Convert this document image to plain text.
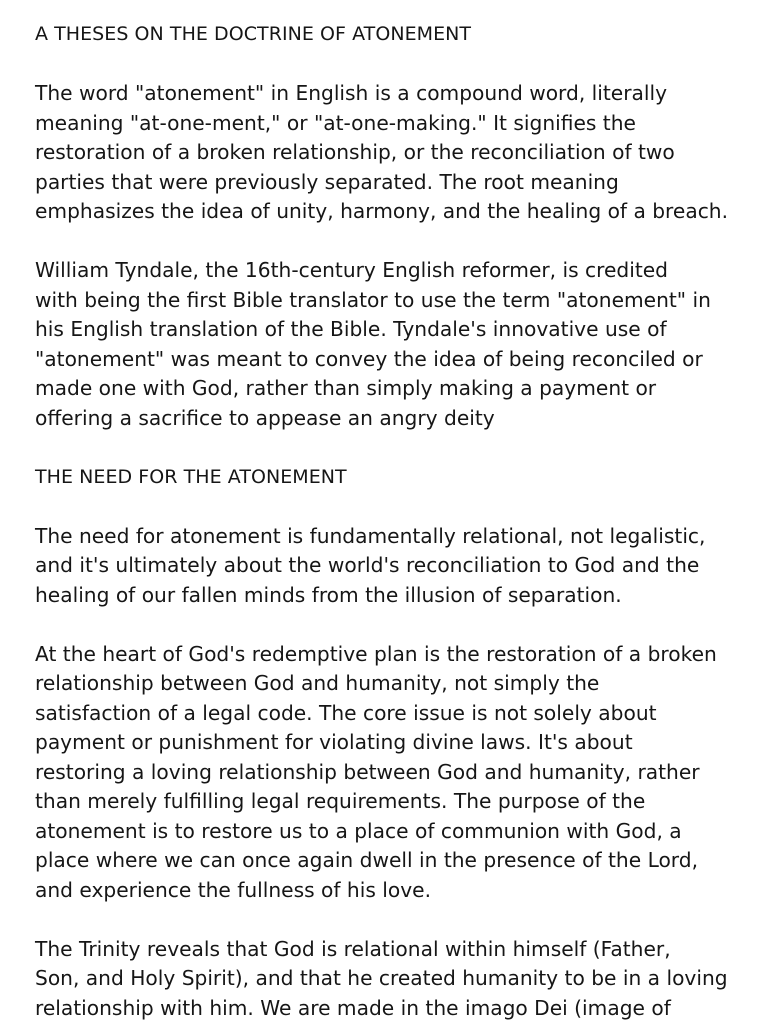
A THESES ON THE DOCTRINE OF ATONEMENT

The word "atonement" in English is a compound word, literally
meaning "at-one-ment," or "at-one-making." It signifies the
restoration of a broken relationship, or the reconciliation of two
parties that were previously separated. The root meaning
emphasizes the idea of unity, harmony, and the healing of a breach.

William Tyndale, the 16th-century English reformer, is credited
with being the first Bible translator to use the term "atonement" in
his English translation of the Bible. Tyndale's innovative use of
"atonement" was meant to convey the idea of being reconciled or
made one with God, rather than simply making a payment or
offering a sacrifice to appease an angry deity

THE NEED FOR THE ATONEMENT

The need for atonement is fundamentally relational, not legalistic,
and it's ultimately about the world's reconciliation to God and the
healing of our fallen minds from the illusion of separation.

At the heart of God's redemptive plan is the restoration of a broken
relationship between God and humanity, not simply the
satisfaction of a legal code. The core issue is not solely about
payment or punishment for violating divine laws. It's about
restoring a loving relationship between God and humanity, rather
than merely fulfilling legal requirements. The purpose of the
atonement is to restore us to a place of communion with God, a
place where we can once again dwell in the presence of the Lord,
and experience the fullness of his love.

The Trinity reveals that God is relational within himself (Father,
Son, and Holy Spirit), and that he created humanity to be in a loving
relationship with him. We are made in the imago Dei (image of
